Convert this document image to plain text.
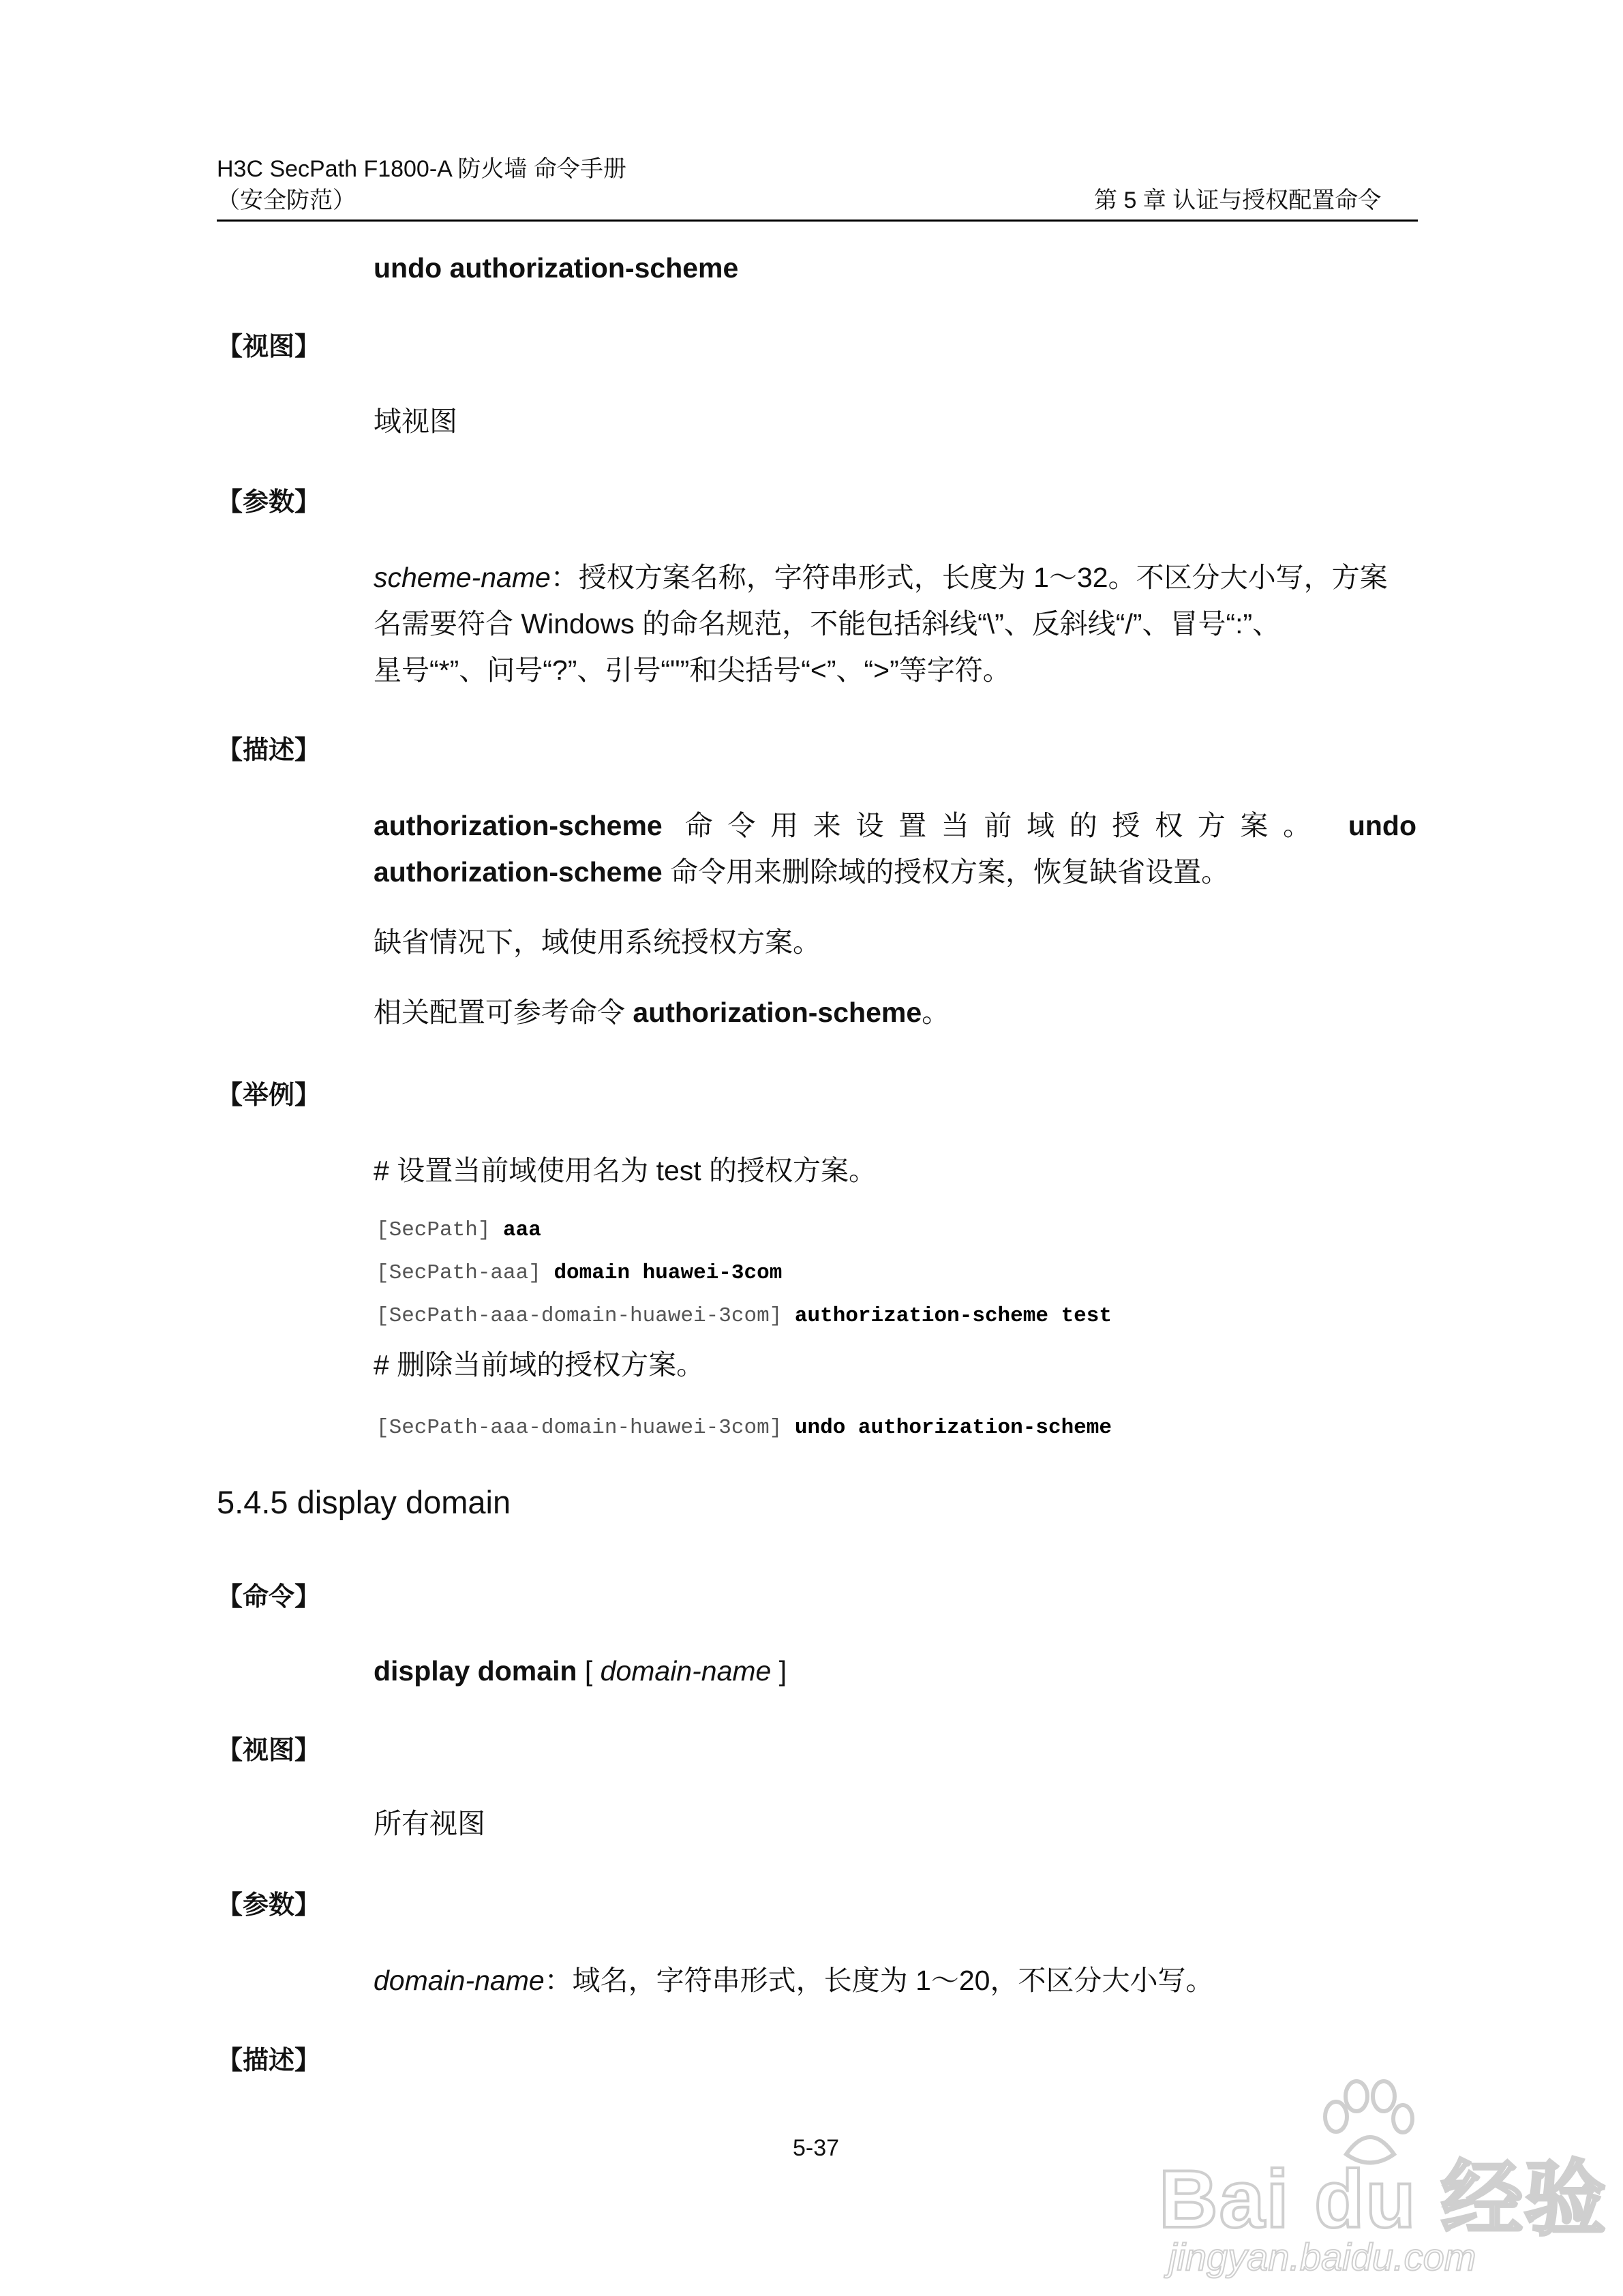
H3C SecPath F1800-A 防火墙 命令手册
（安全防范）	第 5 章 认证与授权配置命令
undo authorization-scheme
【视图】
域视图
【参数】
scheme-name：授权方案名称，字符串形式，长度为 1～32。不区分大小写，方案
名需要符合 Windows 的命名规范，不能包括斜线“\”、反斜线“/”、冒号“:”、
星号“*”、问号“?”、引号“"”和尖括号“<”、“>”等字符。
【描述】
authorization-scheme 命令用来设置当前域的授权方案。 undo
authorization-scheme 命令用来删除域的授权方案，恢复缺省设置。
缺省情况下，域使用系统授权方案。
相关配置可参考命令 authorization-scheme。
【举例】
# 设置当前域使用名为 test 的授权方案。
[SecPath] aaa
[SecPath-aaa] domain huawei-3com
[SecPath-aaa-domain-huawei-3com] authorization-scheme test
# 删除当前域的授权方案。
[SecPath-aaa-domain-huawei-3com] undo authorization-scheme
5.4.5 display domain
【命令】
display domain [ domain-name ]
【视图】
所有视图
【参数】
domain-name：域名，字符串形式，长度为 1～20，不区分大小写。
【描述】
5-37
Bai du 经验
jingyan.baidu.com
